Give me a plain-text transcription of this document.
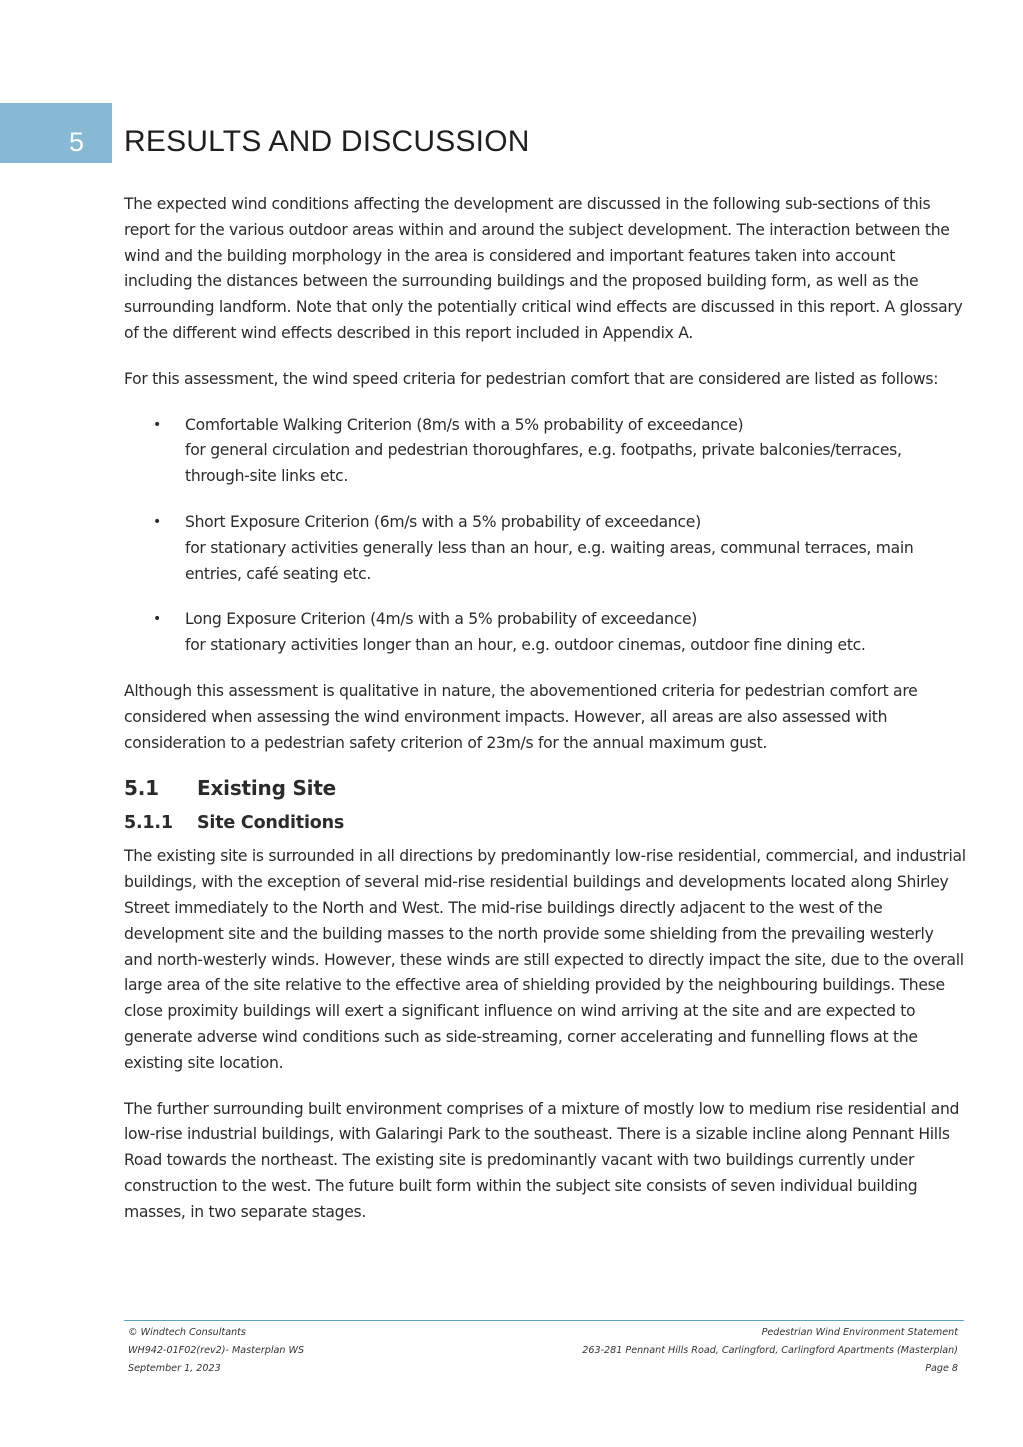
5	RESULTS AND DISCUSSION

The expected wind conditions affecting the development are discussed in the following sub-sections of this report for the various outdoor areas within and around the subject development. The interaction between the wind and the building morphology in the area is considered and important features taken into account including the distances between the surrounding buildings and the proposed building form, as well as the surrounding landform. Note that only the potentially critical wind effects are discussed in this report. A glossary of the different wind effects described in this report included in Appendix A.

For this assessment, the wind speed criteria for pedestrian comfort that are considered are listed as follows:

• Comfortable Walking Criterion (8m/s with a 5% probability of exceedance)
for general circulation and pedestrian thoroughfares, e.g. footpaths, private balconies/terraces, through-site links etc.
• Short Exposure Criterion (6m/s with a 5% probability of exceedance)
for stationary activities generally less than an hour, e.g. waiting areas, communal terraces, main entries, café seating etc.
• Long Exposure Criterion (4m/s with a 5% probability of exceedance)
for stationary activities longer than an hour, e.g. outdoor cinemas, outdoor fine dining etc.

Although this assessment is qualitative in nature, the abovementioned criteria for pedestrian comfort are considered when assessing the wind environment impacts. However, all areas are also assessed with consideration to a pedestrian safety criterion of 23m/s for the annual maximum gust.

5.1	Existing Site
5.1.1	Site Conditions

The existing site is surrounded in all directions by predominantly low-rise residential, commercial, and industrial buildings, with the exception of several mid-rise residential buildings and developments located along Shirley Street immediately to the North and West. The mid-rise buildings directly adjacent to the west of the development site and the building masses to the north provide some shielding from the prevailing westerly and north-westerly winds. However, these winds are still expected to directly impact the site, due to the overall large area of the site relative to the effective area of shielding provided by the neighbouring buildings. These close proximity buildings will exert a significant influence on wind arriving at the site and are expected to generate adverse wind conditions such as side-streaming, corner accelerating and funnelling flows at the existing site location.

The further surrounding built environment comprises of a mixture of mostly low to medium rise residential and low-rise industrial buildings, with Galaringi Park to the southeast. There is a sizable incline along Pennant Hills Road towards the northeast. The existing site is predominantly vacant with two buildings currently under construction to the west. The future built form within the subject site consists of seven individual building masses, in two separate stages.

© Windtech Consultants	Pedestrian Wind Environment Statement
WH942-01F02(rev2)- Masterplan WS	263-281 Pennant Hills Road, Carlingford, Carlingford Apartments (Masterplan)
September 1, 2023	Page 8
